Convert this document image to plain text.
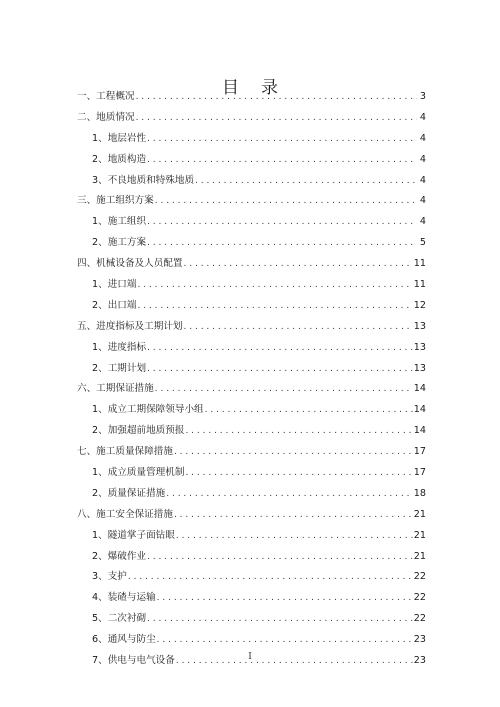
目录
一、工程概况 . . .	3
二、地质情况 . . .	4
1、地层岩性 . . .	4
2、地质构造 . . .	4
3、不良地质和特殊地质 . . .	4
三、施工组织方案 . . .	4
1、施工组织 . . .	4
2、施工方案 . . .	5
四、机械设备及人员配置 . . .	11
1、进口端 . . .	11
2、出口端 . . .	12
五、进度指标及工期计划 . . .	13
1、进度指标 . . .	13
2、工期计划 . . .	13
六、工期保证措施 . . .	14
1、成立工期保障领导小组 . . .	14
2、加强超前地质预报 . . .	14
七、施工质量保障措施 . . .	17
1、成立质量管理机制 . . .	17
2、质量保证措施 . . .	18
八、施工安全保证措施 . . .	21
1、隧道掌子面钻眼 . . .	21
2、爆破作业 . . .	21
3、支护 . . .	22
4、装碴与运输 . . .	22
5、二次衬砌 . . .	22
6、通风与防尘 . . .	23
7、供电与电气设备 . . .	23
I
